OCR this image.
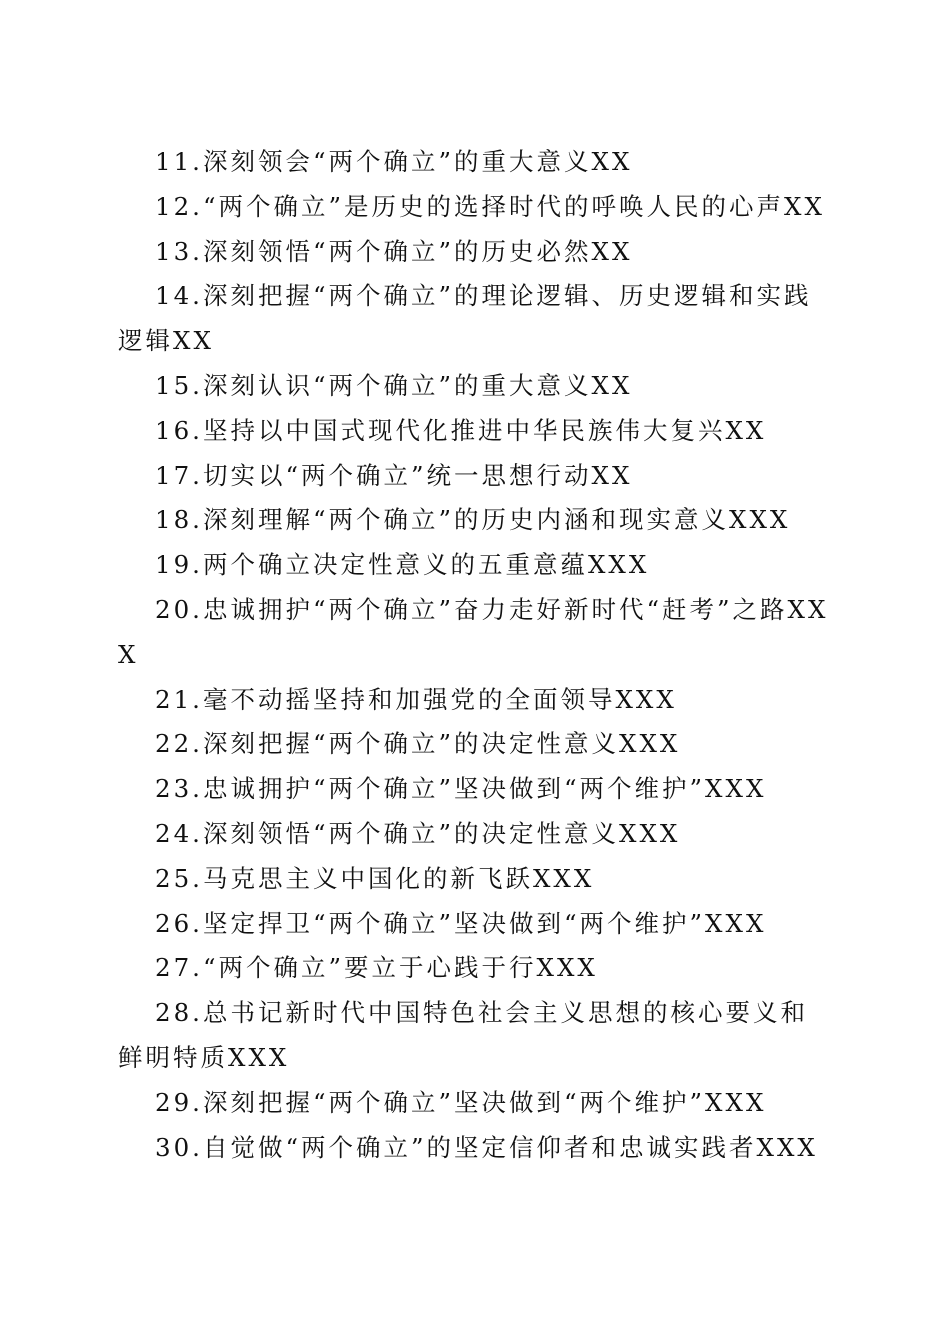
11.深刻领会“两个确立”的重大意义XX
12.“两个确立”是历史的选择时代的呼唤人民的心声XX
13.深刻领悟“两个确立”的历史必然XX
14.深刻把握“两个确立”的理论逻辑、历史逻辑和实践逻辑XX
15.深刻认识“两个确立”的重大意义XX
16.坚持以中国式现代化推进中华民族伟大复兴XX
17.切实以“两个确立”统一思想行动XX
18.深刻理解“两个确立”的历史内涵和现实意义XXX
19.两个确立决定性意义的五重意蕴XXX
20.忠诚拥护“两个确立”奋力走好新时代“赶考”之路XXX
21.毫不动摇坚持和加强党的全面领导XXX
22.深刻把握“两个确立”的决定性意义XXX
23.忠诚拥护“两个确立”坚决做到“两个维护”XXX
24.深刻领悟“两个确立”的决定性意义XXX
25.马克思主义中国化的新飞跃XXX
26.坚定捍卫“两个确立”坚决做到“两个维护”XXX
27.“两个确立”要立于心践于行XXX
28.总书记新时代中国特色社会主义思想的核心要义和鲜明特质XXX
29.深刻把握“两个确立”坚决做到“两个维护”XXX
30.自觉做“两个确立”的坚定信仰者和忠诚实践者XXX
